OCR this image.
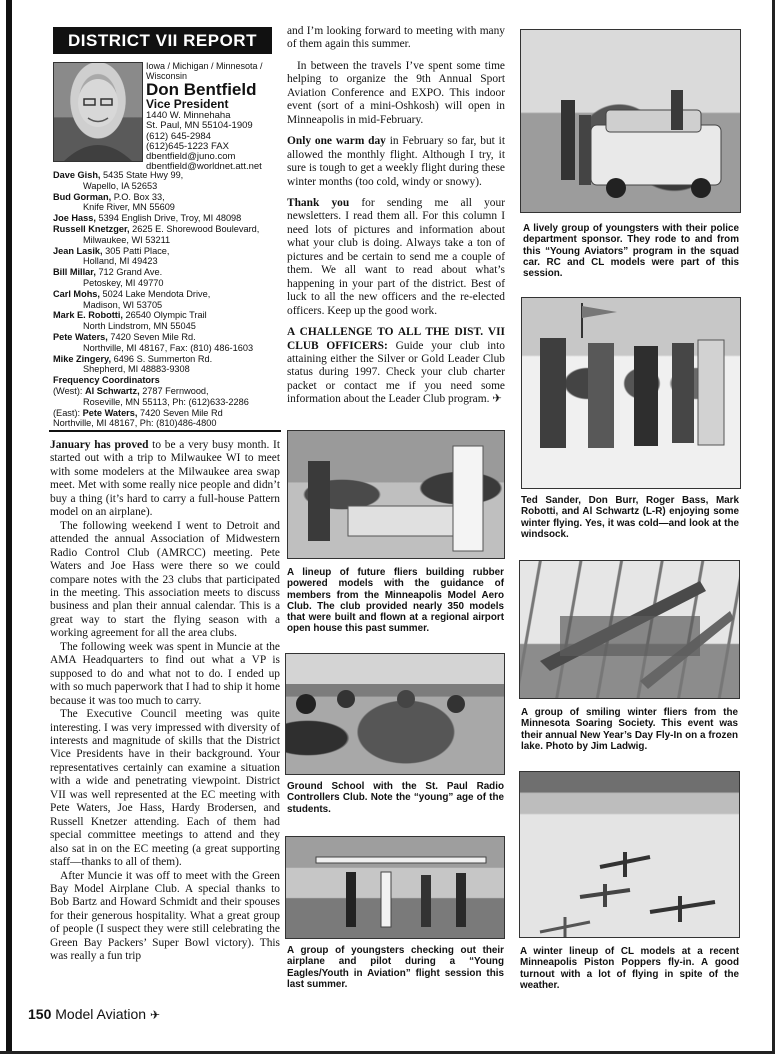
DISTRICT VII REPORT
Iowa / Michigan / Minnesota / Wisconsin
Don Bentfield
Vice President
1440 W. Minnehaha
St. Paul, MN 55104-1909
(612) 645-2984
(612)645-1223 FAX
dbentfield@juno.com
dbentfield@worldnet.att.net
Dave Gish, 5435 State Hwy 99,
Wapello, IA 52653
Bud Gorman, P.O. Box 33,
Knife River, MN 55609
Joe Hass, 5394 English Drive, Troy, MI 48098
Russell Knetzger, 2625 E. Shorewood Boulevard,
Milwaukee, WI 53211
Jean Lasik, 305 Patti Place,
Holland, MI 49423
Bill Millar, 712 Grand Ave.
Petoskey, MI 49770
Carl Mohs, 5024 Lake Mendota Drive,
Madison, WI 53705
Mark E. Robotti, 26540 Olympic Trail
North Lindstrom, MN 55045
Pete Waters, 7420 Seven Mile Rd.
Northville, MI 48167, Fax: (810) 486-1603
Mike Zingery, 6496 S. Summerton Rd.
Shepherd, MI 48883-9308
Frequency Coordinators
(West): Al Schwartz, 2787 Fernwood,
Roseville, MN 55113, Ph: (612)633-2286
(East): Pete Waters, 7420 Seven Mile Rd
Northville, MI 48167, Ph: (810)486-4800

January has proved to be a very busy month. It started out with a trip to Milwaukee WI to meet with some modelers at the Milwaukee area swap meet. Met with some really nice people and didn’t buy a thing (it’s hard to carry a full-house Pattern model on an airplane).

The following weekend I went to Detroit and attended the annual Association of Midwestern Radio Control Club (AMRCC) meeting. Pete Waters and Joe Hass were there so we could compare notes with the 23 clubs that participated in the meeting. This association meets to discuss business and plan their annual calendar. This is a great way to start the flying season with a working agreement for all the area clubs.

The following week was spent in Muncie at the AMA Headquarters to find out what a VP is supposed to do and what not to do. I ended up with so much paperwork that I had to ship it home because it was too much to carry.

The Executive Council meeting was quite interesting. I was very impressed with diversity of interests and magnitude of skills that the District Vice Presidents have in their background. Your representatives certainly can examine a situation with a wide and penetrating viewpoint. District VII was well represented at the EC meeting with Pete Waters, Joe Hass, Hardy Brodersen, and Russell Knetzer attending. Each of them had special committee meetings to attend and they also sat in on the EC meeting (a great supporting staff—thanks to all of them).

After Muncie it was off to meet with the Green Bay Model Airplane Club. A special thanks to Bob Bartz and Howard Schmidt and their spouses for their generous hospitality. What a great group of people (I suspect they were still celebrating the Green Bay Packers’ Super Bowl victory). This was really a fun trip

and I’m looking forward to meeting with many of them again this summer.

In between the travels I’ve spent some time helping to organize the 9th Annual Sport Aviation Conference and EXPO. This indoor event (sort of a mini-Oshkosh) will open in Minneapolis in mid-February.

Only one warm day in February so far, but it allowed the monthly flight. Although I try, it sure is tough to get a weekly flight during these winter months (too cold, windy or snowy).

Thank you for sending me all your newsletters. I read them all. For this column I need lots of pictures and information about what your club is doing. Always take a ton of pictures and be certain to send me a couple of them. We all want to read about what’s happening in your part of the district. Best of luck to all the new officers and the re-elected officers. Keep up the good work.

A CHALLENGE TO ALL THE DIST. VII CLUB OFFICERS: Guide your club into attaining either the Silver or Gold Leader Club status during 1997. Check your club charter packet or contact me if you need some information about the Leader Club program. ✈

A lively group of youngsters with their police department sponsor. They rode to and from this “Young Aviators” program in the squad car. RC and CL models were part of this session.
Ted Sander, Don Burr, Roger Bass, Mark Robotti, and Al Schwartz (L-R) enjoying some winter flying. Yes, it was cold—and look at the windsock.
A group of smiling winter fliers from the Minnesota Soaring Society. This event was their annual New Year’s Day Fly-In on a frozen lake. Photo by Jim Ladwig.
A winter lineup of CL models at a recent Minneapolis Piston Poppers fly-in. A good turnout with a lot of flying in spite of the weather.
A lineup of future fliers building rubber powered models with the guidance of members from the Minneapolis Model Aero Club. The club provided nearly 350 models that were built and flown at a regional airport open house this past summer.
Ground School with the St. Paul Radio Controllers Club. Note the “young” age of the students.
A group of youngsters checking out their airplane and pilot during a “Young Eagles/Youth in Aviation” flight session this last summer.
150 Model Aviation ✈
